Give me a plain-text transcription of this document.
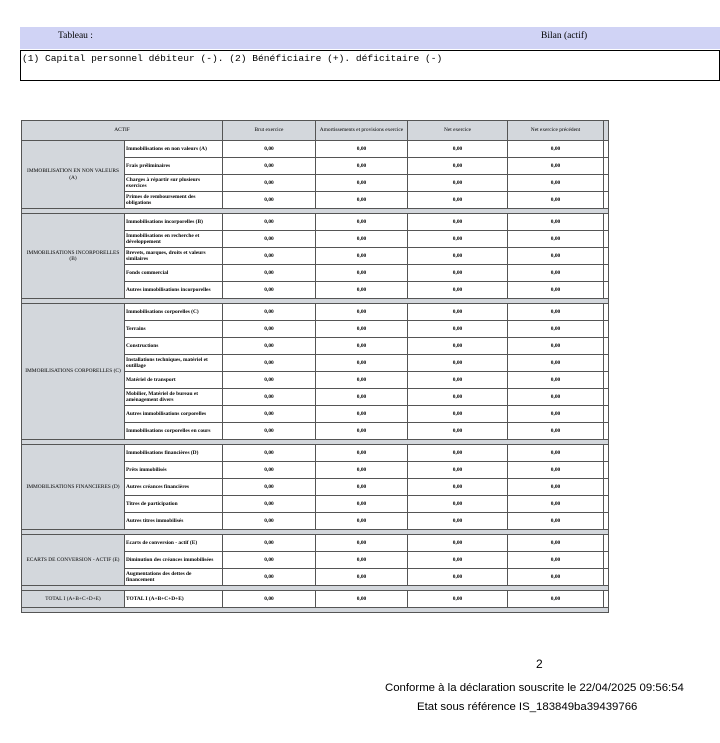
Tableau :	Bilan (actif)
(1) Capital personnel débiteur (-). (2) Bénéficiaire (+). déficitaire (-)
ACTIF		Brut exercice	Amortissements et provisions exercice	Net exercice	Net exercice précédent	
IMMOBILISATION EN NON VALEURS (A)	Immobilisations en non valeurs (A)	0,00	0,00	0,00	0,00	
	Frais préliminaires	0,00	0,00	0,00	0,00	
	Charges à répartir sur plusieurs exercices	0,00	0,00	0,00	0,00	
	Primes de remboursement des obligations	0,00	0,00	0,00	0,00	

IMMOBILISATIONS INCORPORELLES (B)	Immobilisations incorporelles (B)	0,00	0,00	0,00	0,00	
	Immobilisations en recherche et développement	0,00	0,00	0,00	0,00	
	Brevets, marques, droits et valeurs similaires	0,00	0,00	0,00	0,00	
	Fonds commercial	0,00	0,00	0,00	0,00	
	Autres immobilisations incorporelles	0,00	0,00	0,00	0,00	

IMMOBILISATIONS CORPORELLES (C)	Immobilisations corporelles (C)	0,00	0,00	0,00	0,00	
	Terrains	0,00	0,00	0,00	0,00	
	Constructions	0,00	0,00	0,00	0,00	
	Installations techniques, matériel et outillage	0,00	0,00	0,00	0,00	
	Matériel de transport	0,00	0,00	0,00	0,00	
	Mobilier, Matériel de bureau et aménagement divers	0,00	0,00	0,00	0,00	
	Autres immobilisations corporelles	0,00	0,00	0,00	0,00	
	Immobilisations corporelles en cours	0,00	0,00	0,00	0,00	

IMMOBILISATIONS FINANCIERES (D)	Immobilisations financières (D)	0,00	0,00	0,00	0,00	
	Prêts immobilisés	0,00	0,00	0,00	0,00	
	Autres créances financières	0,00	0,00	0,00	0,00	
	Titres de participation	0,00	0,00	0,00	0,00	
	Autres titres immobilisés	0,00	0,00	0,00	0,00	

ECARTS DE CONVERSION - ACTIF (E)	Ecarts de conversion - actif (E)	0,00	0,00	0,00	0,00	
	Diminution des créances immobilisées	0,00	0,00	0,00	0,00	
	Augmentations des dettes de financement	0,00	0,00	0,00	0,00	

TOTAL I (A+B+C+D+E)	TOTAL I (A+B+C+D+E)	0,00	0,00	0,00	0,00	

2
Conforme à la déclaration souscrite le 22/04/2025 09:56:54
Etat sous référence IS_183849ba39439766
